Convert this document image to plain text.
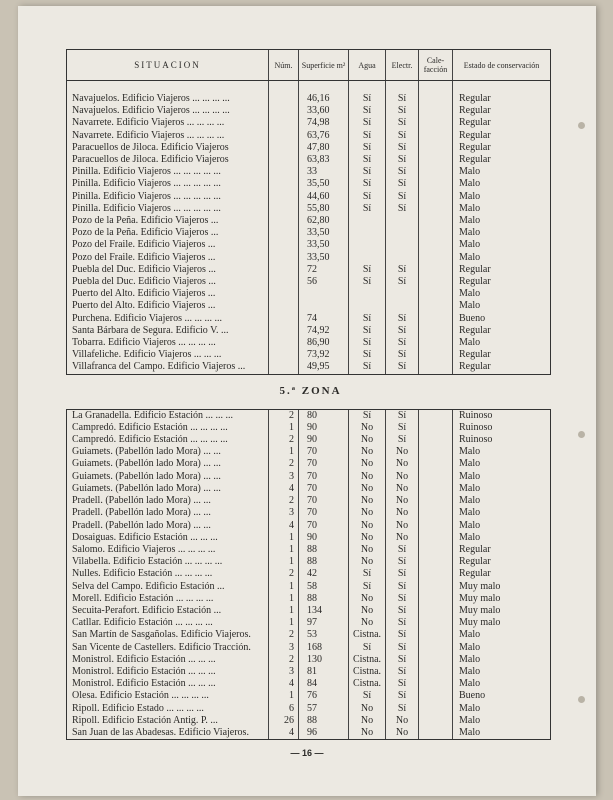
SITUACION	Núm.	Superficie m²	Agua	Electr.	Cale-facción	Estado de conservación

Navajuelos. Edificio Viajeros ... ... ... ...		46,16	Sí	Sí		Regular
Navajuelos. Edificio Viajeros ... ... ... ...		33,60	Sí	Sí		Regular
Navarrete. Edificio Viajeros ... ... ... ...		74,98	Sí	Sí		Regular
Navarrete. Edificio Viajeros ... ... ... ...		63,76	Sí	Sí		Regular
Paracuellos de Jiloca. Edificio Viajeros		47,80	Sí	Sí		Regular
Paracuellos de Jiloca. Edificio Viajeros		63,83	Sí	Sí		Regular
Pinilla. Edificio Viajeros ... ... ... ... ...		33	Sí	Sí		Malo
Pinilla. Edificio Viajeros ... ... ... ... ...		35,50	Sí	Sí		Malo
Pinilla. Edificio Viajeros ... ... ... ... ...		44,60	Sí	Sí		Malo
Pinilla. Edificio Viajeros ... ... ... ... ...		55,80	Sí	Sí		Malo
Pozo de la Peña. Edificio Viajeros ...		62,80				Malo
Pozo de la Peña. Edificio Viajeros ...		33,50				Malo
Pozo del Fraile. Edificio Viajeros ...		33,50				Malo
Pozo del Fraile. Edificio Viajeros ...		33,50				Malo
Puebla del Duc. Edificio Viajeros ...		72	Sí	Sí		Regular
Puebla del Duc. Edificio Viajeros ...		56	Sí	Sí		Regular
Puerto del Alto. Edificio Viajeros ...						Malo
Puerto del Alto. Edificio Viajeros ...						Malo
Purchena. Edificio Viajeros ... ... ... ...		74	Sí	Sí		Bueno
Santa Bárbara de Segura. Edificio V. ...		74,92	Sí	Sí		Regular
Tobarra. Edificio Viajeros ... ... ... ...		86,90	Sí	Sí		Malo
Villafeliche. Edificio Viajeros ... ... ...		73,92	Sí	Sí		Regular
Villafranca del Campo. Edificio Viajeros ...		49,95	Sí	Sí		Regular
5.ª ZONA						
La Granadella. Edificio Estación ... ... ...	2	80	Sí	Sí		Ruinoso
Campredó. Edificio Estación ... ... ... ...	1	90	No	Sí		Ruinoso
Campredó. Edificio Estación ... ... ... ...	2	90	No	Sí		Ruinoso
Guiamets. (Pabellón lado Mora) ... ...	1	70	No	No		Malo
Guiamets. (Pabellón lado Mora) ... ...	2	70	No	No		Malo
Guiamets. (Pabellón lado Mora) ... ...	3	70	No	No		Malo
Guiamets. (Pabellón lado Mora) ... ...	4	70	No	No		Malo
Pradell. (Pabellón lado Mora) ... ...	2	70	No	No		Malo
Pradell. (Pabellón lado Mora) ... ...	3	70	No	No		Malo
Pradell. (Pabellón lado Mora) ... ...	4	70	No	No		Malo
Dosaiguas. Edificio Estación ... ... ...	1	90	No	No		Malo
Salomo. Edificio Viajeros ... ... ... ...	1	88	No	Sí		Regular
Vilabella. Edificio Estación ... ... ... ...	1	88	No	Sí		Regular
Nulles. Edificio Estación ... ... ... ...	2	42	Sí	Sí		Regular
Selva del Campo. Edificio Estación ...	1	58	Sí	Sí		Muy malo
Morell. Edificio Estación ... ... ... ...	1	88	No	Sí		Muy malo
Secuita-Perafort. Edificio Estación ...	1	134	No	Sí		Muy malo
Catllar. Edificio Estación ... ... ... ...	1	97	No	Sí		Muy malo
San Martín de Sasgañolas. Edificio Viajeros.	2	53	Cistna.	Sí		Malo
San Vicente de Castellers. Edificio Tracción.	3	168	Sí	Sí		Malo
Monistrol. Edificio Estación ... ... ...	2	130	Cistna.	Sí		Malo
Monistrol. Edificio Estación ... ... ...	3	81	Cistna.	Sí		Malo
Monistrol. Edificio Estación ... ... ...	4	84	Cistna.	Sí		Malo
Olesa. Edificio Estación ... ... ... ...	1	76	Sí	Sí		Bueno
Ripoll. Edificio Estado ... ... ... ...	6	57	No	Sí		Malo
Ripoll. Edificio Estación Antig. P. ...	26	88	No	No		Malo
San Juan de las Abadesas. Edificio Viajeros.	4	96	No	No		Malo
— 16 —
